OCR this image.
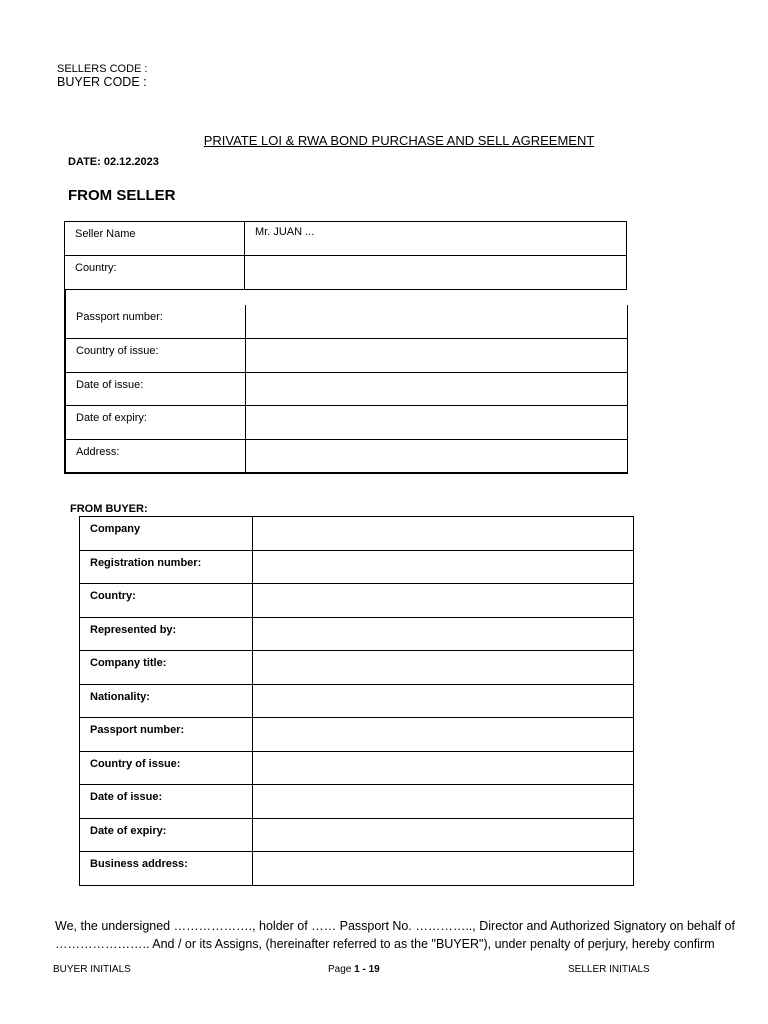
SELLERS CODE :
BUYER CODE :
PRIVATE LOI & RWA BOND PURCHASE AND SELL AGREEMENT
DATE: 02.12.2023
FROM SELLER
Seller Name	Mr. JUAN ...
Country:	
Passport number:	
Country of issue:	
Date of issue:	
Date of expiry:	
Address:	
FROM BUYER:
Company	
Registration number:	
Country:	
Represented by:	
Company title:	
Nationality:	
Passport number:	
Country of issue:	
Date of issue:	
Date of expiry:	
Business address:	
We, the undersigned ………………., holder of …… Passport No. ………….., Director and Authorized Signatory on behalf of
………………….. And / or its Assigns, (hereinafter referred to as the "BUYER"), under penalty of perjury, hereby confirm
BUYER INITIALS	Page 1 - 19	SELLER INITIALS
